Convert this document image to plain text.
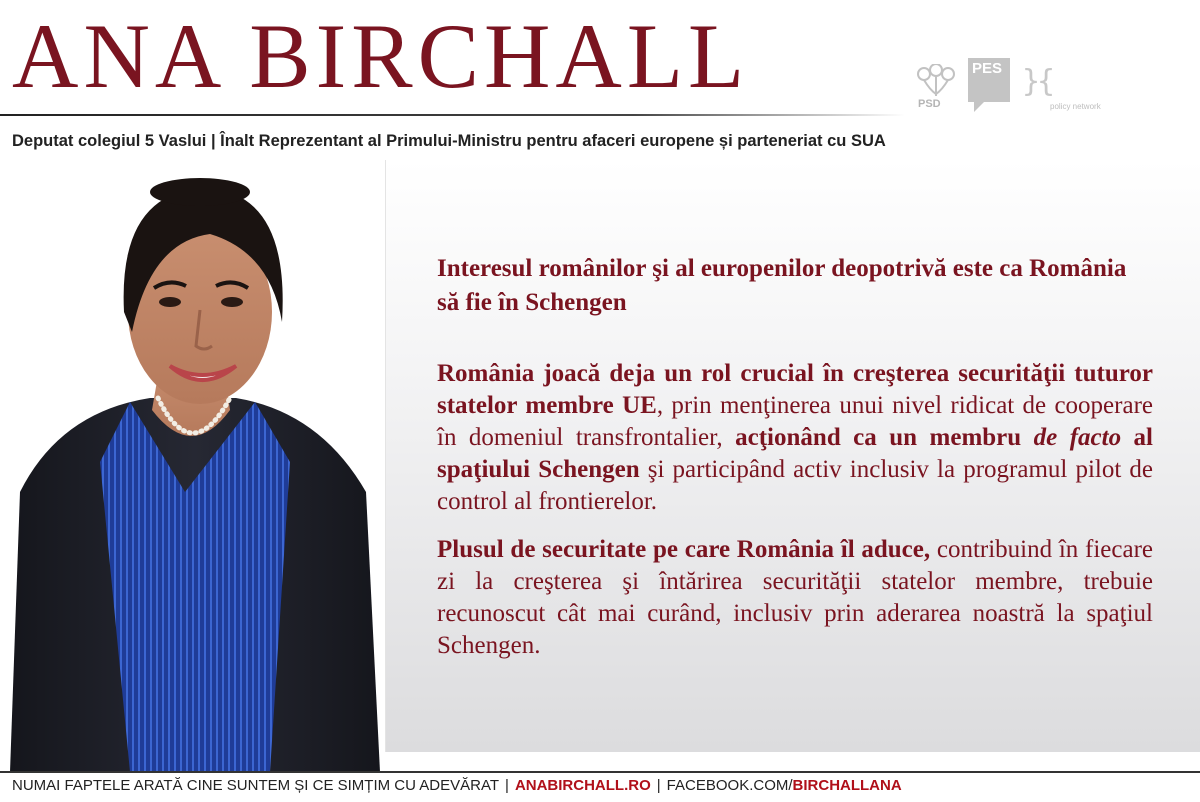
ANA BIRCHALL	PSD
PES }{
policy network
Deputat colegiul 5 Vaslui | Înalt Reprezentant al Primului-Ministru pentru afaceri europene și parteneriat cu SUA

Interesul românilor şi al europenilor deopotrivă este ca România să fie în Schengen

România joacă deja un rol crucial în creşterea securităţii tuturor statelor membre UE, prin menţinerea unui nivel ridicat de cooperare în domeniul transfrontalier, acţionând ca un membru de facto al spaţiului Schengen şi participând activ inclusiv la programul pilot de control al frontierelor.

Plusul de securitate pe care România îl aduce, contribuind în fiecare zi la creşterea şi întărirea securităţii statelor membre, trebuie recunoscut cât mai curând, inclusiv prin aderarea noastră la spaţiul Schengen.

NUMAI FAPTELE ARATĂ CINE SUNTEM ȘI CE SIMȚIM CU ADEVĂRAT | ANABIRCHALL.RO | FACEBOOK.COM/BIRCHALLANA
